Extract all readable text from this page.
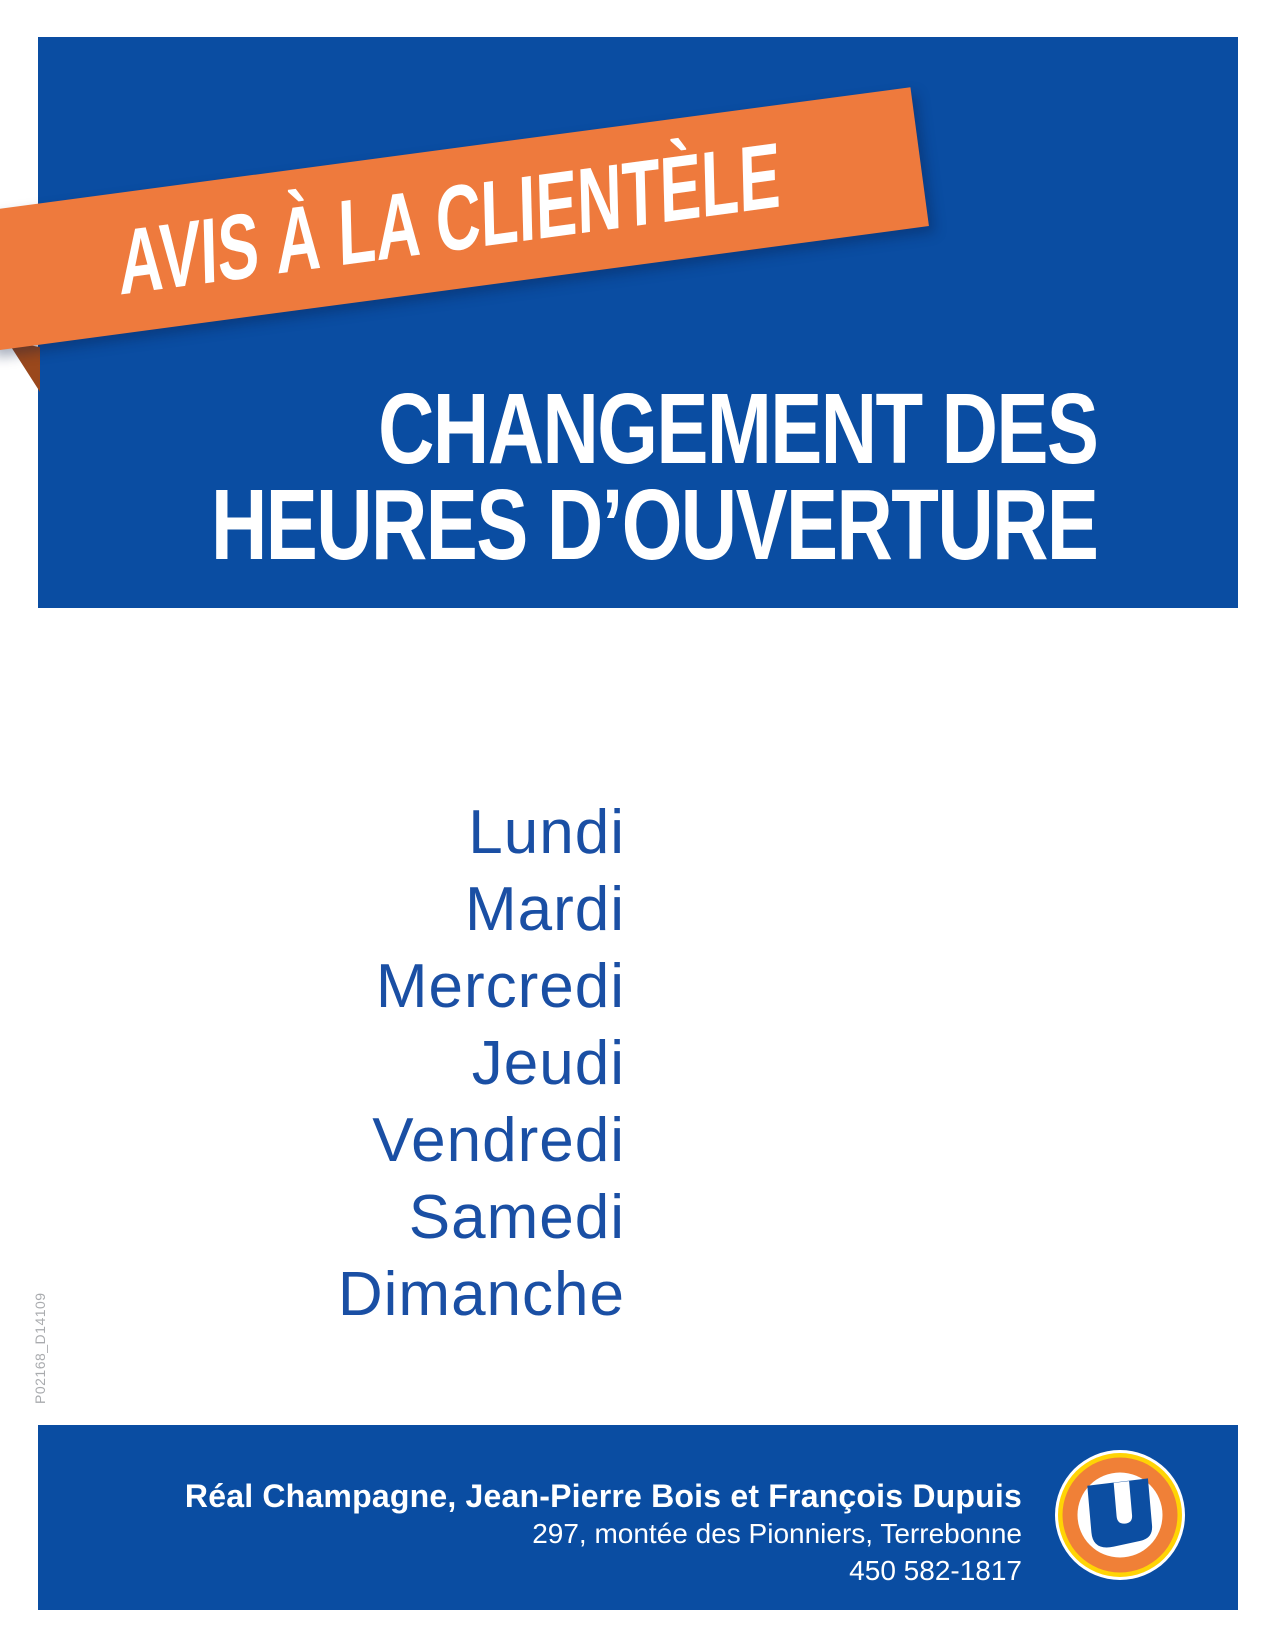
AVIS À LA CLIENTÈLE
CHANGEMENT DES
HEURES D’OUVERTURE
Lundi
Mardi
Mercredi
Jeudi
Vendredi
Samedi
Dimanche
P02168_D14109
Réal Champagne, Jean-Pierre Bois et François Dupuis
297, montée des Pionniers, Terrebonne
450 582-1817
